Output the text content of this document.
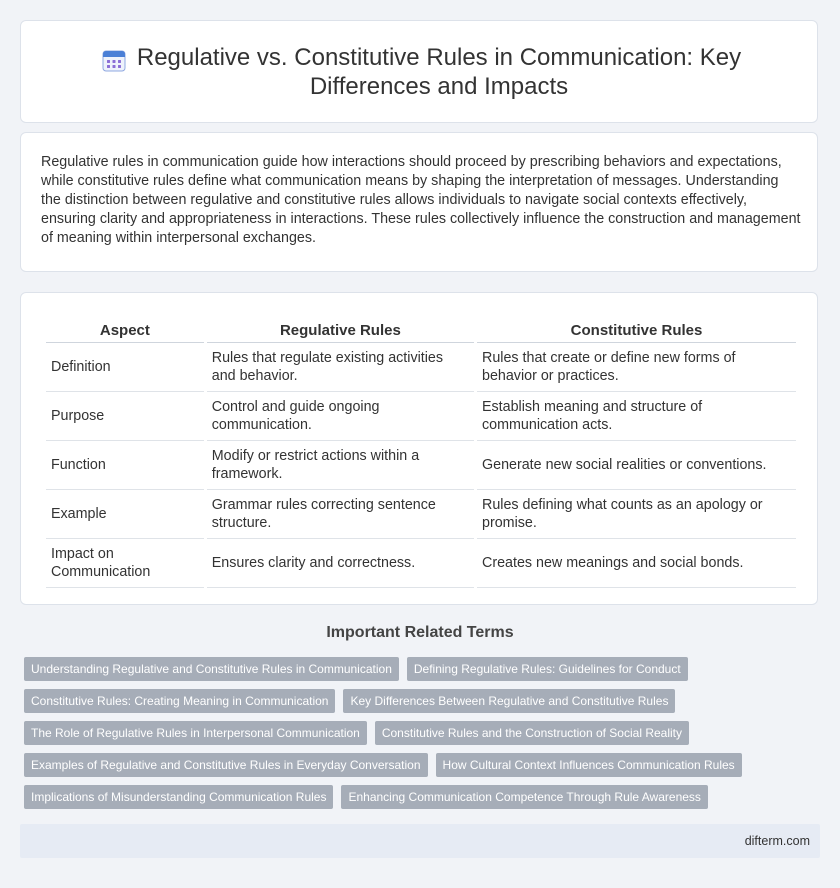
Regulative vs. Constitutive Rules in Communication: Key Differences and Impacts

Regulative rules in communication guide how interactions should proceed by prescribing behaviors and expectations, while constitutive rules define what communication means by shaping the interpretation of messages. Understanding the distinction between regulative and constitutive rules allows individuals to navigate social contexts effectively, ensuring clarity and appropriateness in interactions. These rules collectively influence the construction and management of meaning within interpersonal exchanges.

Aspect	Regulative Rules	Constitutive Rules
Definition	Rules that regulate existing activities and behavior.	Rules that create or define new forms of behavior or practices.
Purpose	Control and guide ongoing communication.	Establish meaning and structure of communication acts.
Function	Modify or restrict actions within a framework.	Generate new social realities or conventions.
Example	Grammar rules correcting sentence structure.	Rules defining what counts as an apology or promise.
Impact on Communication	Ensures clarity and correctness.	Creates new meanings and social bonds.
Important Related Terms
Understanding Regulative and Constitutive Rules in Communication	Defining Regulative Rules: Guidelines for Conduct
Constitutive Rules: Creating Meaning in Communication	Key Differences Between Regulative and Constitutive Rules
The Role of Regulative Rules in Interpersonal Communication	Constitutive Rules and the Construction of Social Reality
Examples of Regulative and Constitutive Rules in Everyday Conversation	How Cultural Context Influences Communication Rules
Implications of Misunderstanding Communication Rules	Enhancing Communication Competence Through Rule Awareness
difterm.com
